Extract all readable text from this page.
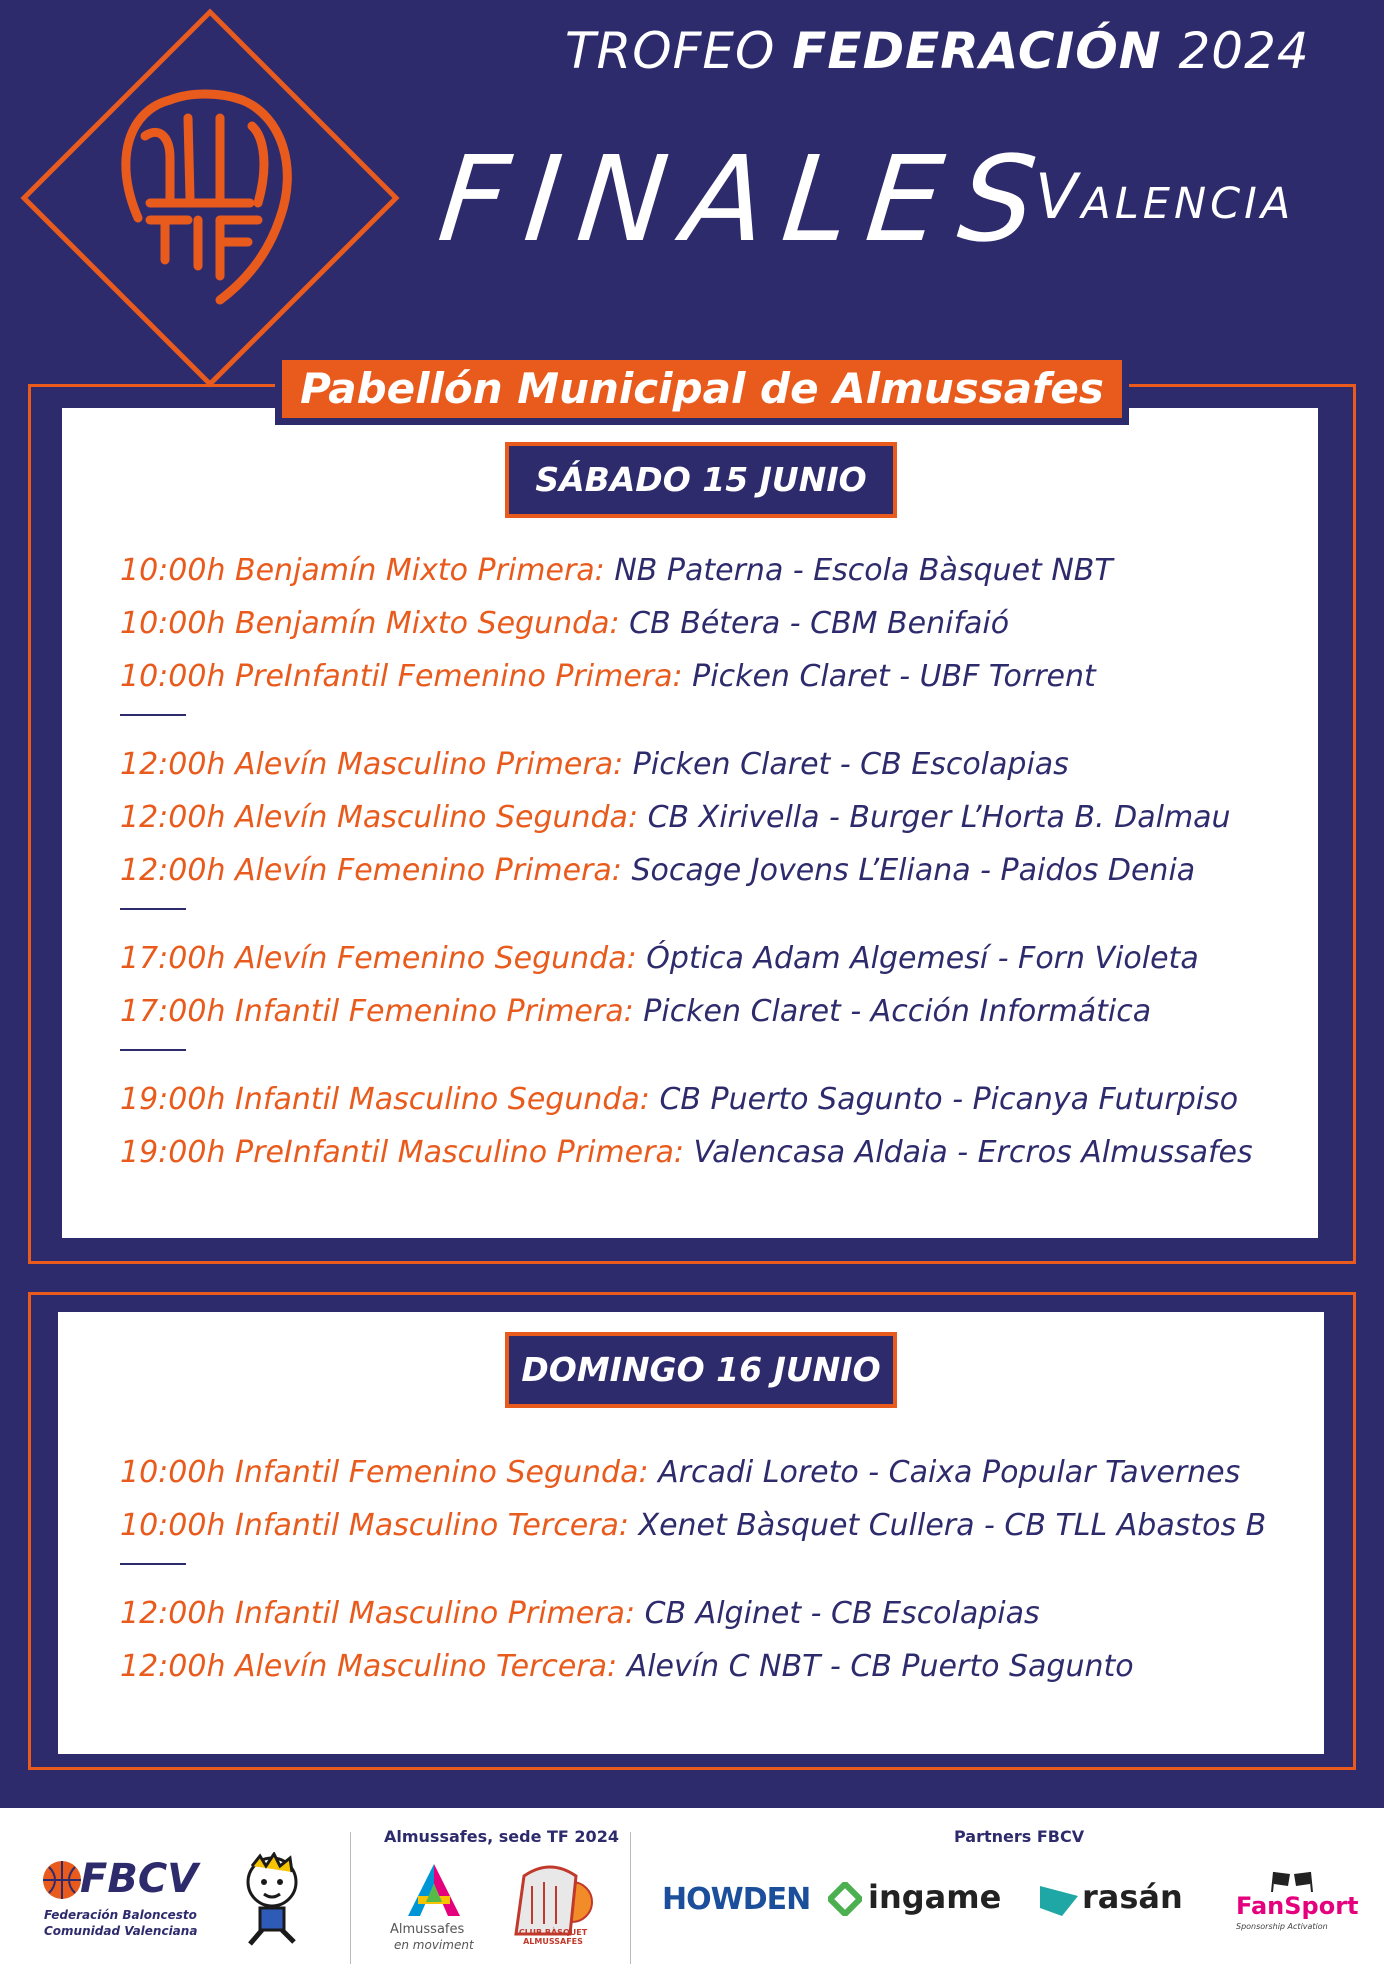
TROFEO FEDERACIÓN 2024
FINALES
Valencia
Pabellón Municipal de Almussafes
SÁBADO 15 JUNIO
10:00h Benjamín Mixto Primera: NB Paterna - Escola Bàsquet NBT
10:00h Benjamín Mixto Segunda: CB Bétera - CBM Benifaió
10:00h PreInfantil Femenino Primera: Picken Claret - UBF Torrent
12:00h Alevín Masculino Primera: Picken Claret - CB Escolapias
12:00h Alevín Masculino Segunda: CB Xirivella - Burger L’Horta B. Dalmau
12:00h Alevín Femenino Primera: Socage Jovens L’Eliana - Paidos Denia
17:00h Alevín Femenino Segunda: Óptica Adam Algemesí - Forn Violeta
17:00h Infantil Femenino Primera: Picken Claret - Acción Informática
19:00h Infantil Masculino Segunda: CB Puerto Sagunto - Picanya Futurpiso
19:00h PreInfantil Masculino Primera: Valencasa Aldaia - Ercros Almussafes
DOMINGO 16 JUNIO
10:00h Infantil Femenino Segunda: Arcadi Loreto - Caixa Popular Tavernes
10:00h Infantil Masculino Tercera: Xenet Bàsquet Cullera - CB TLL Abastos B
12:00h Infantil Masculino Primera: CB Alginet - CB Escolapias
12:00h Alevín Masculino Tercera: Alevín C NBT - CB Puerto Sagunto
FBCV
Federación Baloncesto
Comunidad Valenciana
Almussafes, sede TF 2024
Almussafes
en moviment
CLUB BÀSQUET ALMUSSAFES
Partners FBCV
HOWDEN ingame	rasán FanSport
Sponsorship Activation
